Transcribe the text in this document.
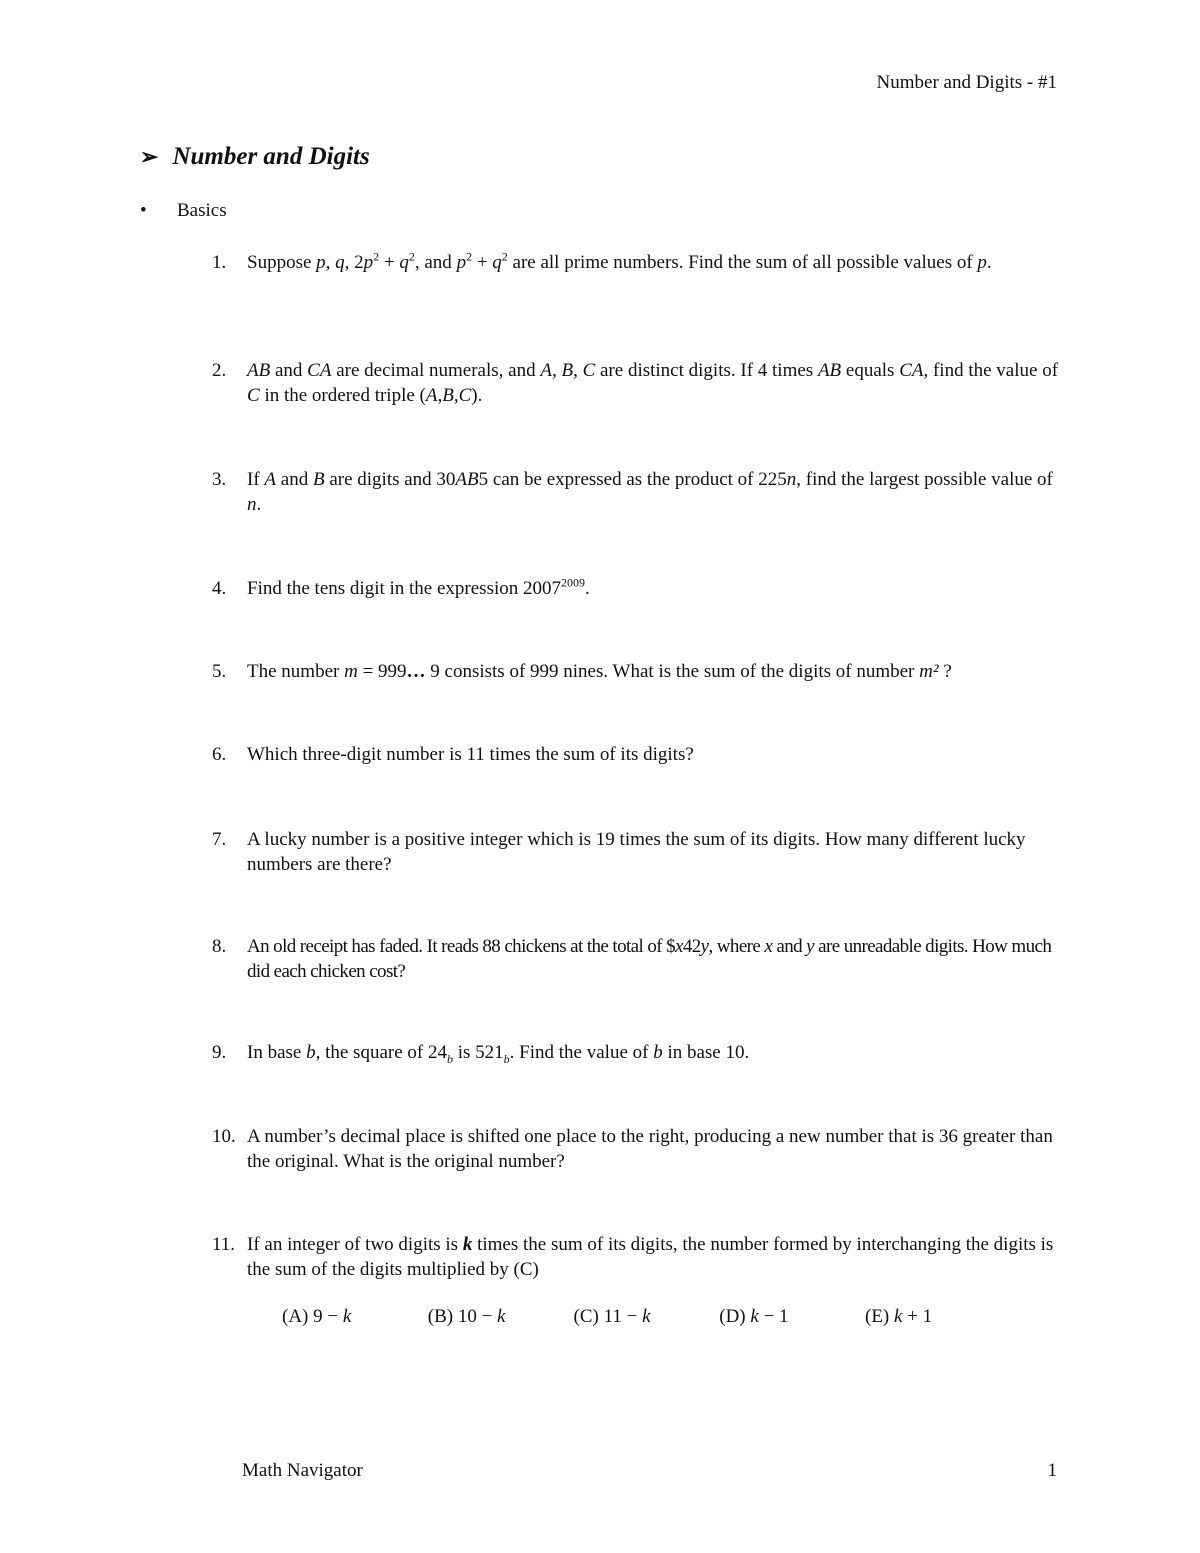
Number and Digits - #1
➢ Number and Digits
• Basics
1.	Suppose p, q, $2p^2 + q^2$, and $p^2 + q^2$ are all prime numbers. Find the sum of all possible values of p.
2.	AB and CA are decimal numerals, and A, B, C are distinct digits. If 4 times AB equals CA, find the value of C in the ordered triple (A,B,C).
3.	If A and B are digits and 30AB5 can be expressed as the product of 225n, find the largest possible value of n.
4.	Find the tens digit in the expression $2007^{2009}$.
5.	The number m = 999… 9 consists of 999 nines. What is the sum of the digits of number m² ?
6.	Which three-digit number is 11 times the sum of its digits?
7.	A lucky number is a positive integer which is 19 times the sum of its digits. How many different lucky numbers are there?
8.	An old receipt has faded. It reads 88 chickens at the total of $x42y, where x and y are unreadable digits. How much did each chicken cost?
9.	In base b, the square of $24_b$ is $521_b$. Find the value of b in base 10.
10. A number’s decimal place is shifted one place to the right, producing a new number that is 36 greater than the original. What is the original number?
11. If an integer of two digits is k times the sum of its digits, the number formed by interchanging the digits is the sum of the digits multiplied by (C)
(A) 9 − k	(B) 10 − k	(C) 11 − k	(D) k − 1	(E) k + 1
Math Navigator	1
